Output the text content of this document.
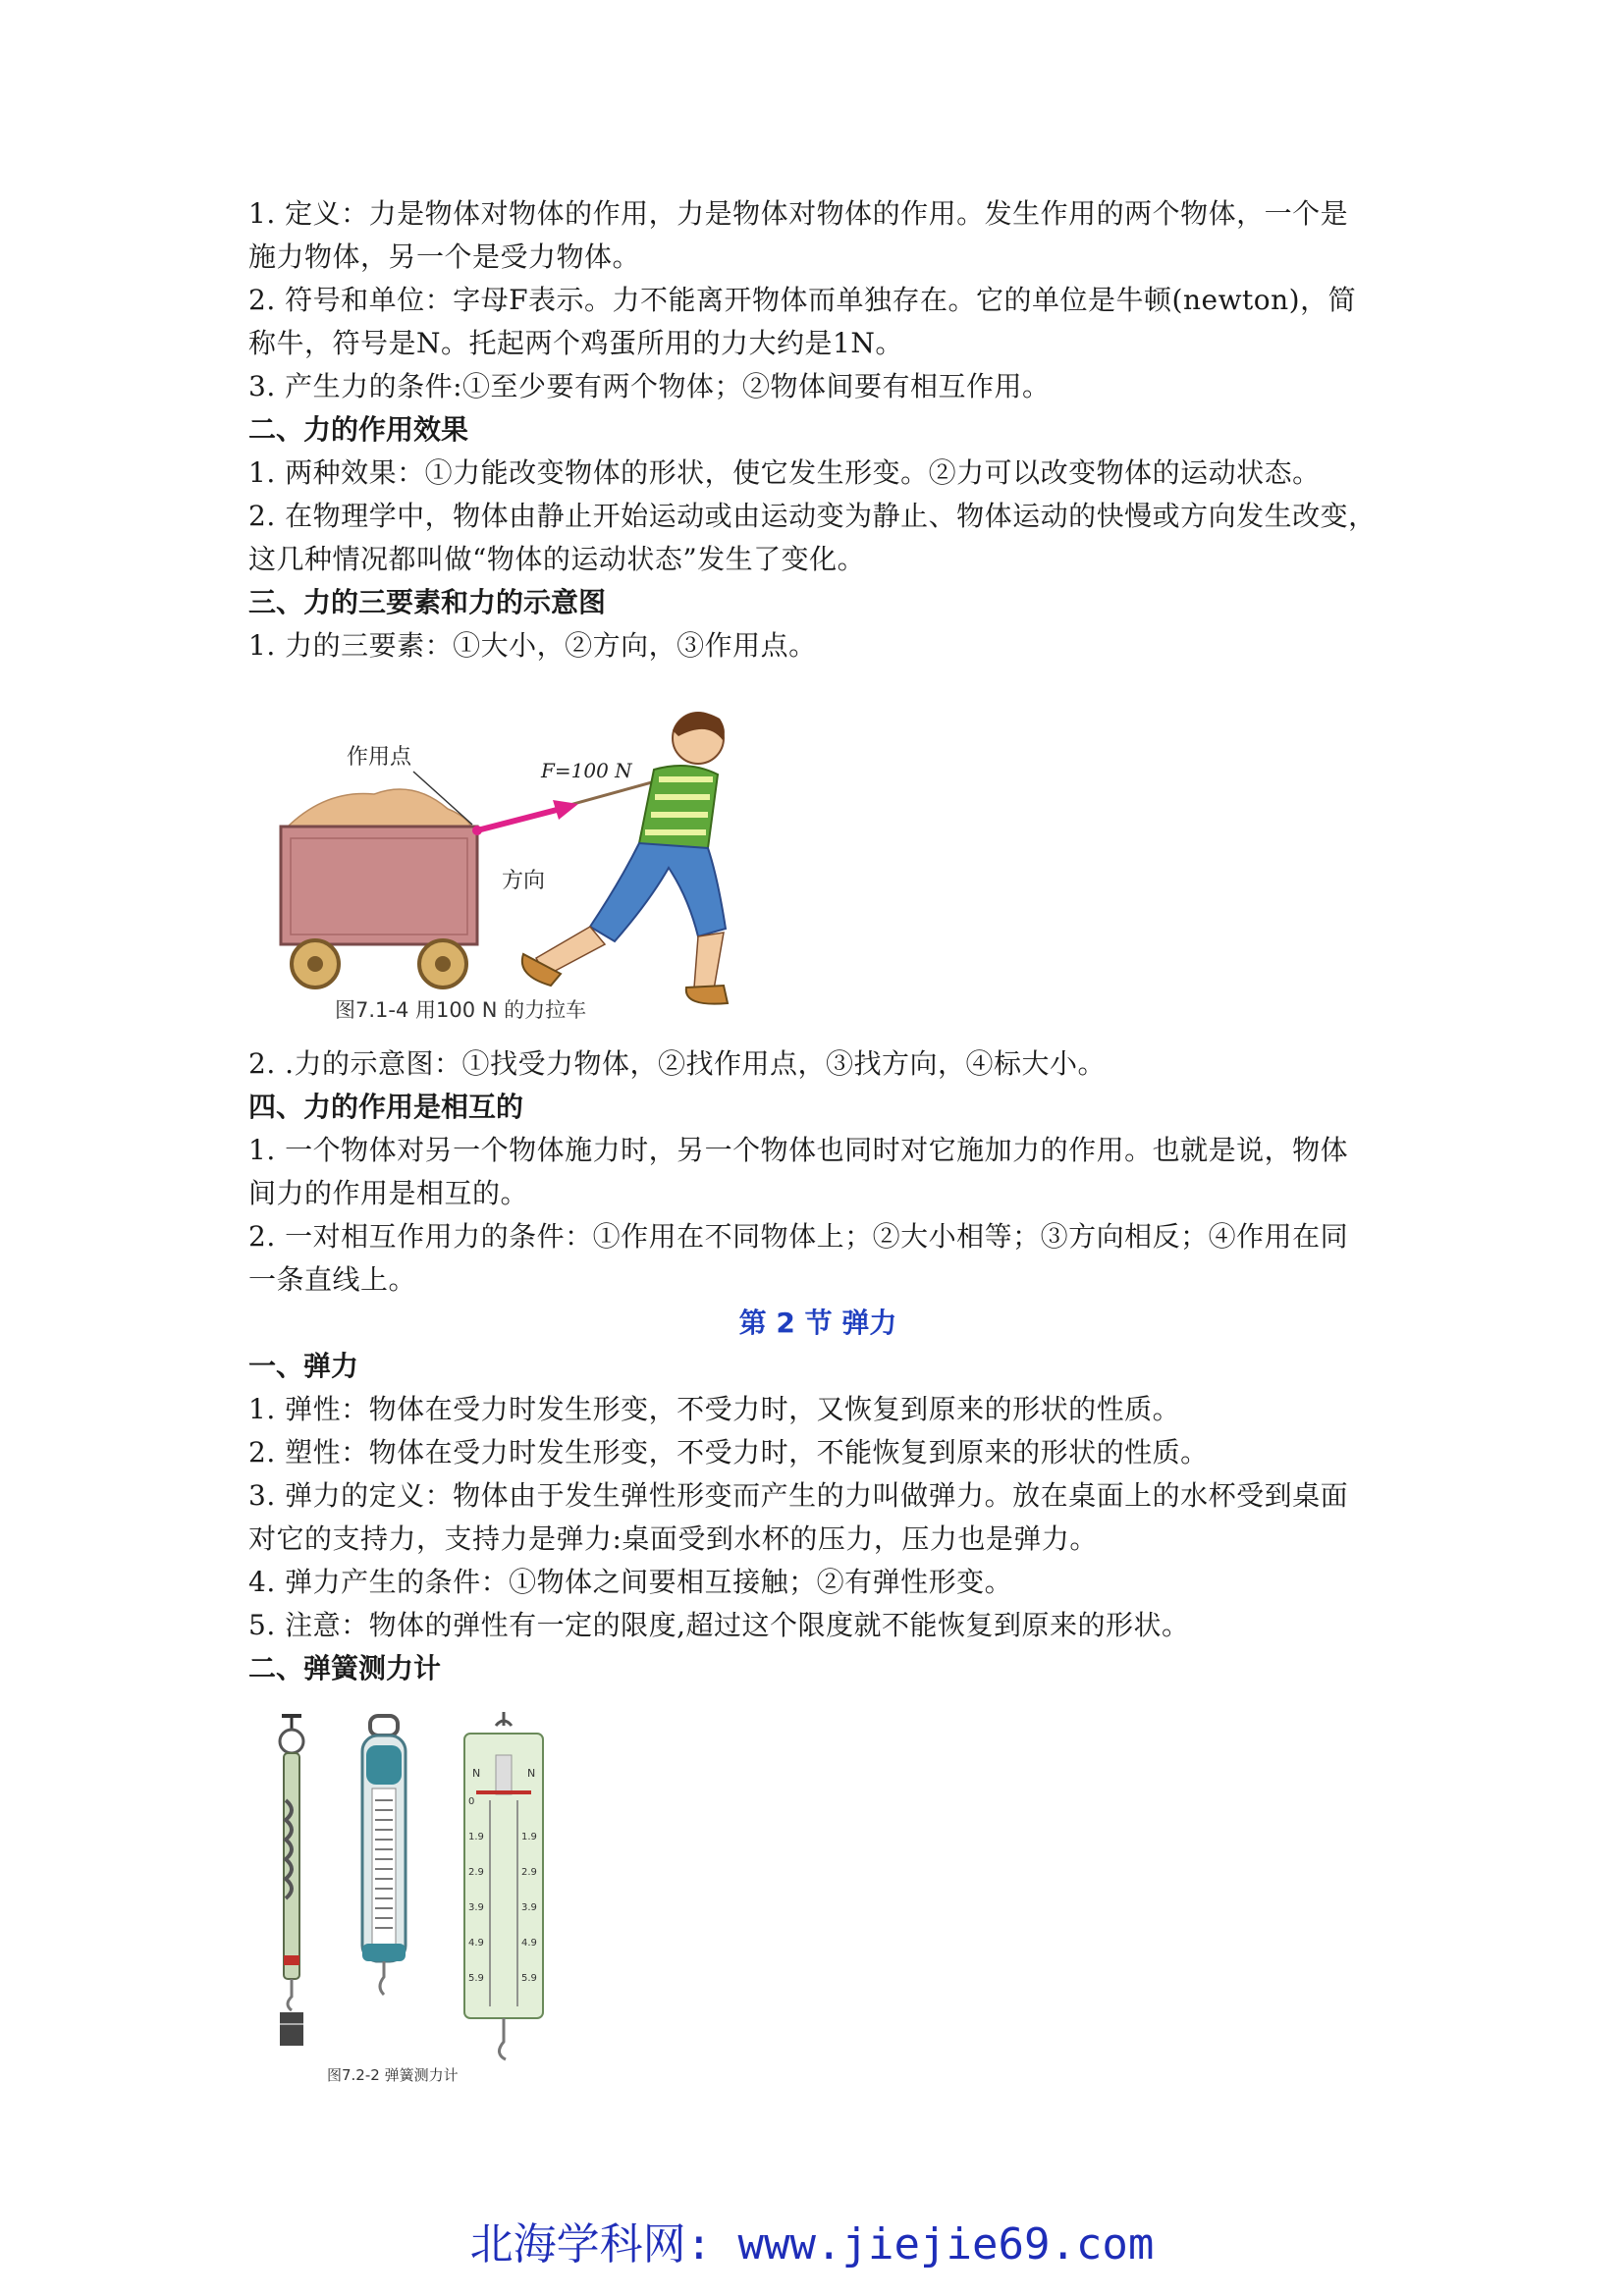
1. 定义：力是物体对物体的作用，力是物体对物体的作用。发生作用的两个物体，一个是

施力物体，另一个是受力物体。

2. 符号和单位：字母F表示。力不能离开物体而单独存在。它的单位是牛顿(newton)，简

称牛，符号是N。托起两个鸡蛋所用的力大约是1N。

3. 产生力的条件:①至少要有两个物体；②物体间要有相互作用。

二、力的作用效果

1. 两种效果：①力能改变物体的形状，使它发生形变。②力可以改变物体的运动状态。

2. 在物理学中，物体由静止开始运动或由运动变为静止、物体运动的快慢或方向发生改变，

这几种情况都叫做“物体的运动状态”发生了变化。

三、力的三要素和力的示意图

1. 力的三要素：①大小，②方向，③作用点。

作用点
F=100 N
方向
图7.1-4 用100 N 的力拉车

2. .力的示意图：①找受力物体，②找作用点，③找方向，④标大小。

四、力的作用是相互的

1. 一个物体对另一个物体施力时，另一个物体也同时对它施加力的作用。也就是说，物体

间力的作用是相互的。

2. 一对相互作用力的条件：①作用在不同物体上；②大小相等；③方向相反；④作用在同

一条直线上。

第 2 节 弹力

一、弹力

1. 弹性：物体在受力时发生形变，不受力时，又恢复到原来的形状的性质。

2. 塑性：物体在受力时发生形变，不受力时，不能恢复到原来的形状的性质。

3. 弹力的定义：物体由于发生弹性形变而产生的力叫做弹力。放在桌面上的水杯受到桌面

对它的支持力，支持力是弹力:桌面受到水杯的压力，压力也是弹力。

4. 弹力产生的条件：①物体之间要相互接触；②有弹性形变。

5. 注意：物体的弹性有一定的限度,超过这个限度就不能恢复到原来的形状。

二、弹簧测力计

N	N
0
1.9
2.9
3.9
4.9
5.9
1.9
2.9
3.9
4.9
5.9
图7.2-2 弹簧测力计
北海学科网: www.jiejie69.com
